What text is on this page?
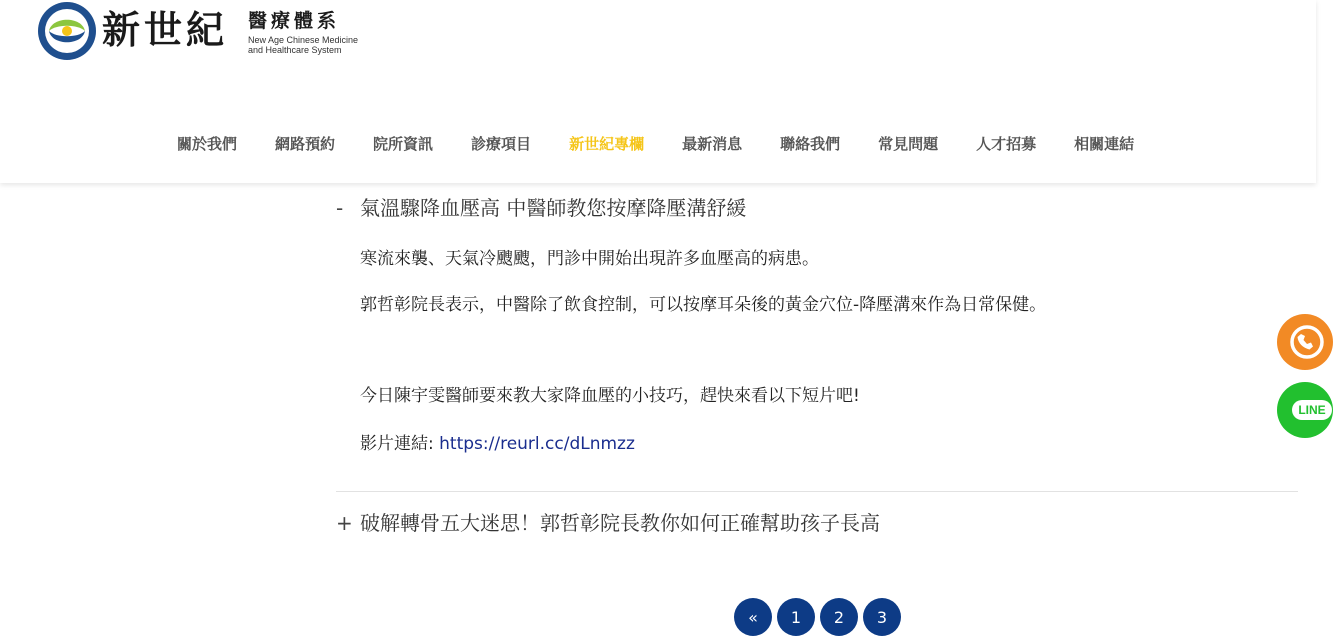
新世紀 醫療體系
New Age Chinese Medicine
and Healthcare System
關於我們	網路預約	院所資訊	診療項目	新世紀專欄	最新消息	聯絡我們	常見問題	人才招募	相關連結
- 氣溫驟降血壓高 中醫師教您按摩降壓溝舒緩
寒流來襲、天氣冷颼颼，門診中開始出現許多血壓高的病患。
郭哲彰院長表示，中醫除了飲食控制，可以按摩耳朵後的黃金穴位-降壓溝來作為日常保健。
今日陳宇雯醫師要來教大家降血壓的小技巧，趕快來看以下短片吧!
影片連結: https://reurl.cc/dLnmzz
+ 破解轉骨五大迷思！郭哲彰院長教你如何正確幫助孩子長高
«	1	2	3
LINE
